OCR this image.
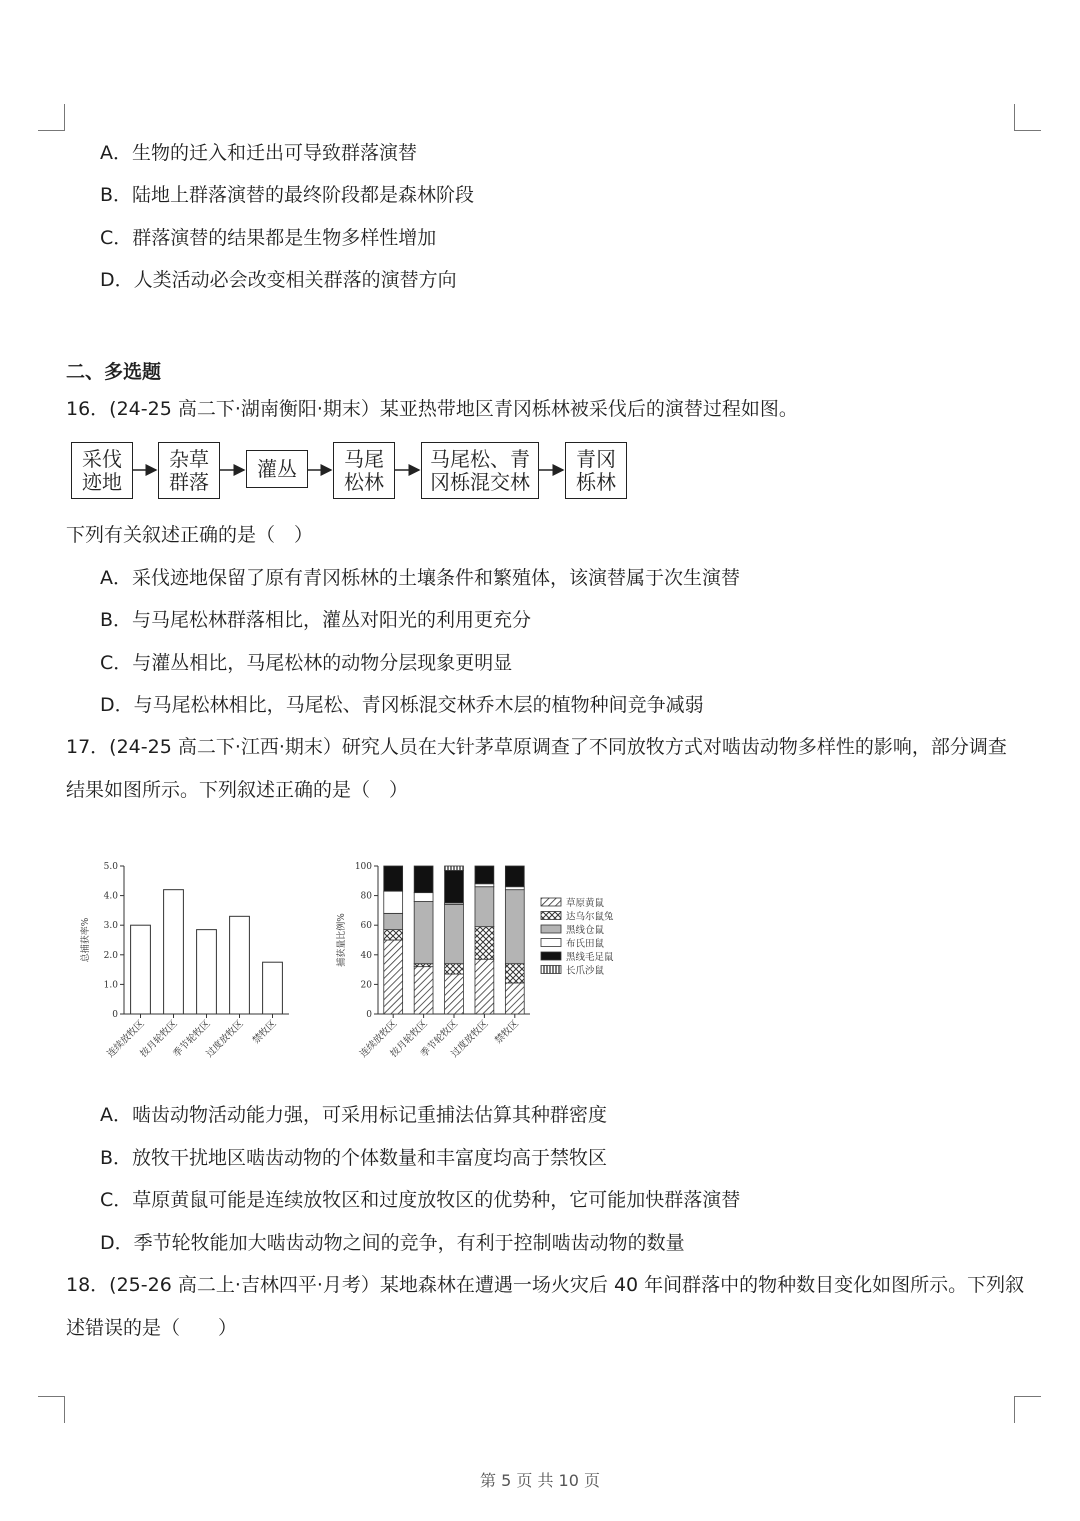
A．生物的迁入和迁出可导致群落演替
B．陆地上群落演替的最终阶段都是森林阶段
C．群落演替的结果都是生物多样性增加
D．人类活动必会改变相关群落的演替方向
二、多选题
16．(24-25 高二下·湖南衡阳·期末）某亚热带地区青冈栎林被采伐后的演替过程如图。
采伐
迹地
杂草
群落
灌丛 马尾
松林
马尾松、青
冈栎混交林
青冈
栎林
下列有关叙述正确的是（　）
A．采伐迹地保留了原有青冈栎林的土壤条件和繁殖体，该演替属于次生演替
B．与马尾松林群落相比，灌丛对阳光的利用更充分
C．与灌丛相比，马尾松林的动物分层现象更明显
D．与马尾松林相比，马尾松、青冈栎混交林乔木层的植物种间竞争减弱
17．(24-25 高二下·江西·期末）研究人员在大针茅草原调查了不同放牧方式对啮齿动物多样性的影响，部分调查
结果如图所示。下列叙述正确的是（　）
0
1.0
2.0
3.0
4.0
5.0
总捕获率%
连续放牧区
按月轮牧区
季节轮牧区
过度放牧区 禁牧区
0
20
40
60
80
100
捕获量比例%
连续放牧区
按月轮牧区
季节轮牧区
过度放牧区 禁牧区
草原黄鼠
达乌尔鼠兔
黑线仓鼠
布氏田鼠
黑线毛足鼠
长爪沙鼠
A．啮齿动物活动能力强，可采用标记重捕法估算其种群密度
B．放牧干扰地区啮齿动物的个体数量和丰富度均高于禁牧区
C．草原黄鼠可能是连续放牧区和过度放牧区的优势种，它可能加快群落演替
D．季节轮牧能加大啮齿动物之间的竞争，有利于控制啮齿动物的数量
18．(25-26 高二上·吉林四平·月考）某地森林在遭遇一场火灾后 40 年间群落中的物种数目变化如图所示。下列叙
述错误的是（　　）
第 5 页 共 10 页
